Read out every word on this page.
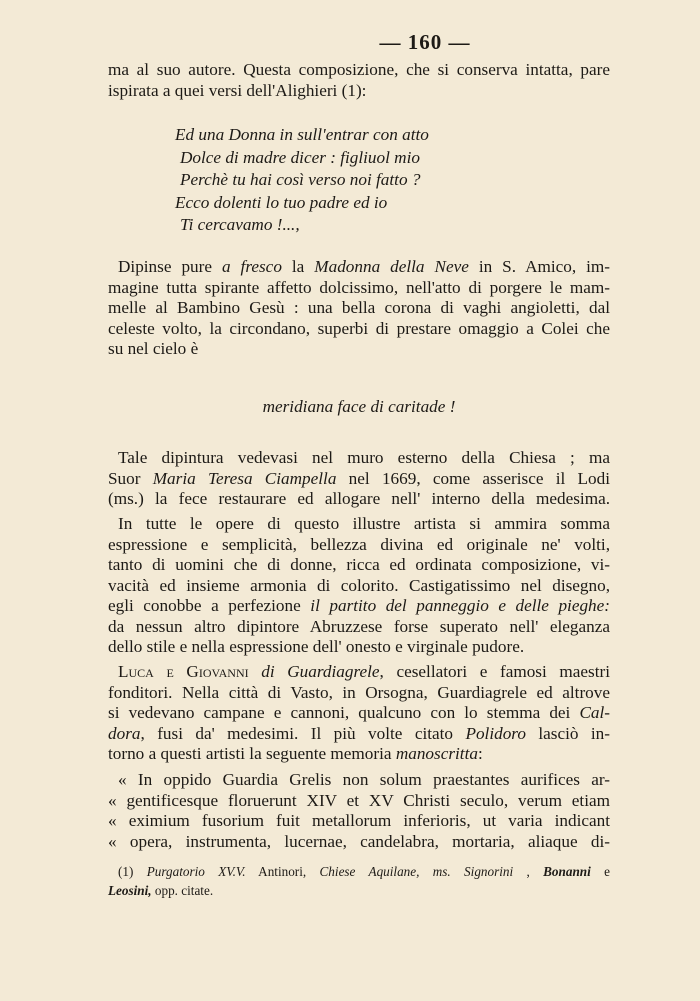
— 160 —
ma al suo autore. Questa composizione, che si conserva intatta, pare
ispirata a quei versi dell'Alighieri (1):
Ed una Donna in sull'entrar con atto
Dolce di madre dicer : figliuol mio
Perchè tu hai così verso noi fatto ?
Ecco dolenti lo tuo padre ed io
Ti cercavamo !...,
Dipinse pure a fresco la Madonna della Neve in S. Amico, im-
magine tutta spirante affetto dolcissimo, nell'atto di porgere le mam-
melle al Bambino Gesù : una bella corona di vaghi angioletti, dal
celeste volto, la circondano, superbi di prestare omaggio a Colei che
su nel cielo è
meridiana face di caritade !
Tale dipintura vedevasi nel muro esterno della Chiesa ; ma
Suor Maria Teresa Ciampella nel 1669, come asserisce il Lodi
(ms.) la fece restaurare ed allogare nell' interno della medesima.
In tutte le opere di questo illustre artista si ammira somma
espressione e semplicità, bellezza divina ed originale ne' volti,
tanto di uomini che di donne, ricca ed ordinata composizione, vi-
vacità ed insieme armonia di colorito. Castigatissimo nel disegno,
egli conobbe a perfezione il partito del panneggio e delle pieghe:
da nessun altro dipintore Abruzzese forse superato nell' eleganza
dello stile e nella espressione dell' onesto e virginale pudore.
Luca e Giovanni di Guardiagrele, cesellatori e famosi maestri
fonditori. Nella città di Vasto, in Orsogna, Guardiagrele ed altrove
si vedevano campane e cannoni, qualcuno con lo stemma dei Cal-
dora, fusi da' medesimi. Il più volte citato Polidoro lasciò in-
torno a questi artisti la seguente memoria manoscritta:
« In oppido Guardia Grelis non solum praestantes aurifices ar-
« gentificesque floruerunt XIV et XV Christi seculo, verum etiam
« eximium fusorium fuit metallorum inferioris, ut varia indicant
« opera, instrumenta, lucernae, candelabra, mortaria, aliaque di-
(1) Purgatorio XV.V. Antinori, Chiese Aquilane, ms. Signorini , Bonanni e
Leosini, opp. citate.
